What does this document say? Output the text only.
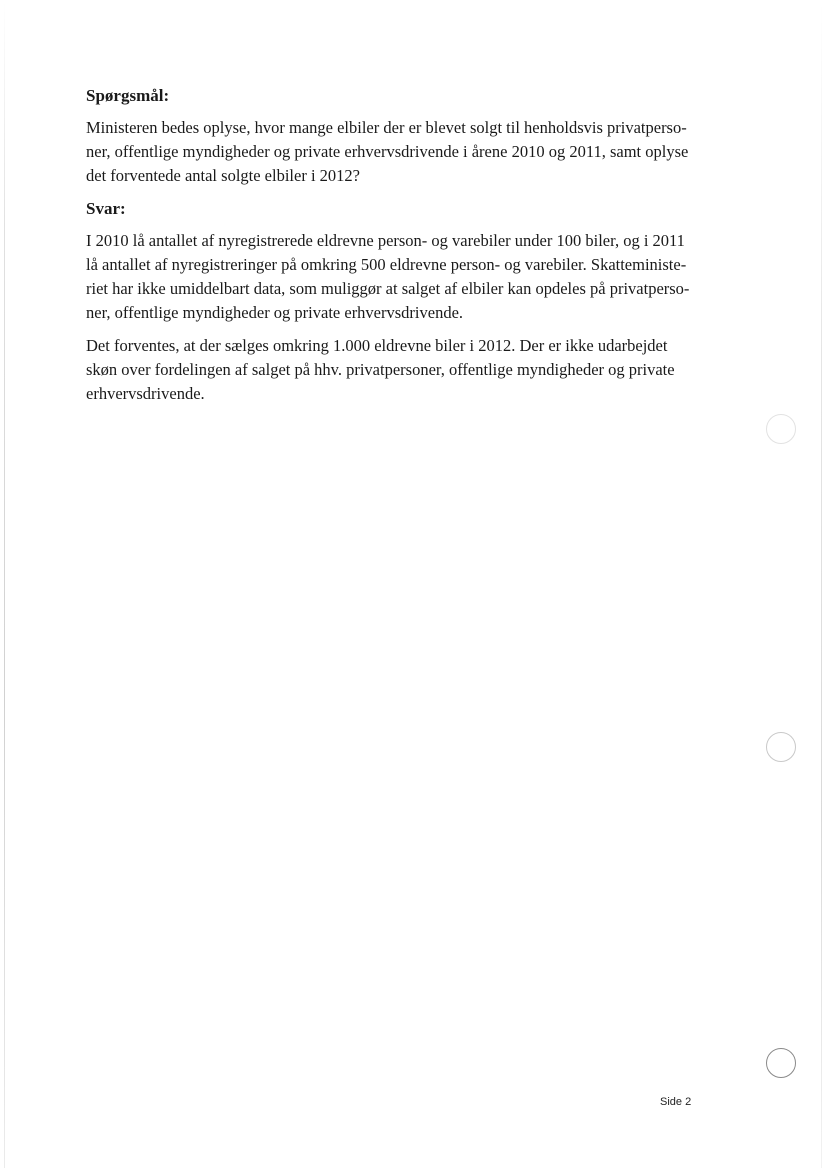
Spørgsmål:
Ministeren bedes oplyse, hvor mange elbiler der er blevet solgt til henholdsvis privatperso-
ner, offentlige myndigheder og private erhvervsdrivende i årene 2010 og 2011, samt oplyse
det forventede antal solgte elbiler i 2012?
Svar:
I 2010 lå antallet af nyregistrerede eldrevne person- og varebiler under 100 biler, og i 2011
lå antallet af nyregistreringer på omkring 500 eldrevne person- og varebiler. Skatteministe-
riet har ikke umiddelbart data, som muliggør at salget af elbiler kan opdeles på privatperso-
ner, offentlige myndigheder og private erhvervsdrivende.
Det forventes, at der sælges omkring 1.000 eldrevne biler i 2012. Der er ikke udarbejdet
skøn over fordelingen af salget på hhv. privatpersoner, offentlige myndigheder og private
erhvervsdrivende.
Side 2
